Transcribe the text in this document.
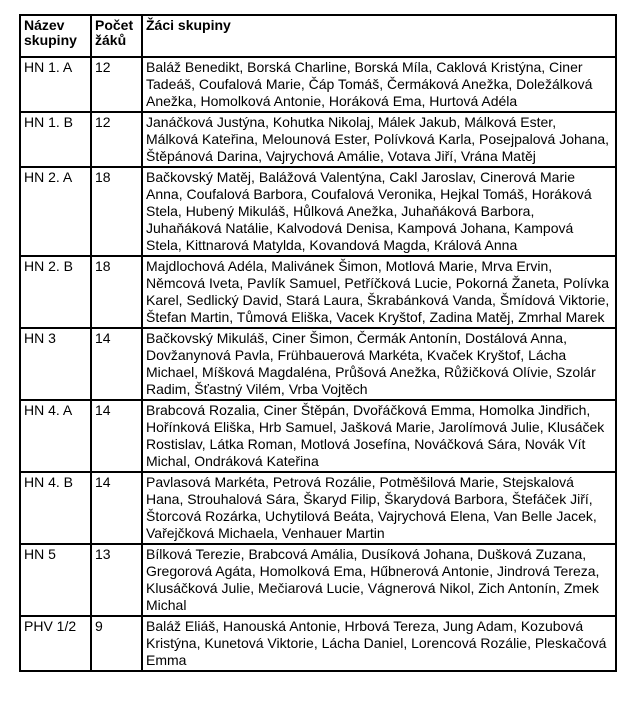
Název skupiny	Počet žáků	Žáci skupiny
HN 1. A	12	Baláž Benedikt, Borská Charline, Borská Míla, Caklová Kristýna, Ciner Tadeáš, Coufalová Marie, Čáp Tomáš, Čermáková Anežka, Doležálková Anežka, Homolková Antonie, Horáková Ema, Hurtová Adéla
HN 1. B	12	Janáčková Justýna, Kohutka Nikolaj, Málek Jakub, Málková Ester, Málková Kateřina, Melounová Ester, Polívková Karla, Posejpalová Johana, Štěpánová Darina, Vajrychová Amálie, Votava Jiří, Vrána Matěj
HN 2. A	18	Bačkovský Matěj, Balážová Valentýna, Cakl Jaroslav, Cinerová Marie Anna, Coufalová Barbora, Coufalová Veronika, Hejkal Tomáš, Horáková Stela, Hubený Mikuláš, Hůlková Anežka, Juhaňáková Barbora, Juhaňáková Natálie, Kalvodová Denisa, Kampová Johana, Kampová Stela, Kittnarová Matylda, Kovandová Magda, Králová Anna
HN 2. B	18	Majdlochová Adéla, Malivánek Šimon, Motlová Marie, Mrva Ervin, Němcová Iveta, Pavlík Samuel, Petříčková Lucie, Pokorná Žaneta, Polívka Karel, Sedlický David, Stará Laura, Škrabánková Vanda, Šmídová Viktorie, Štefan Martin, Tůmová Eliška, Vacek Kryštof, Zadina Matěj, Zmrhal Marek
HN 3	14	Bačkovský Mikuláš, Ciner Šimon, Čermák Antonín, Dostálová Anna, Dovžanynová Pavla, Frühbauerová Markéta, Kvaček Kryštof, Lácha Michael, Míšková Magdaléna, Průšová Anežka, Růžičková Olívie, Szolár Radim, Šťastný Vilém, Vrba Vojtěch
HN 4. A	14	Brabcová Rozalia, Ciner Štěpán, Dvořáčková Emma, Homolka Jindřich, Hořínková Eliška, Hrb Samuel, Jašková Marie, Jarolímová Julie, Klusáček Rostislav, Látka Roman, Motlová Josefína, Nováčková Sára, Novák Vít Michal, Ondráková Kateřina
HN 4. B	14	Pavlasová Markéta, Petrová Rozálie, Potměšilová Marie, Stejskalová Hana, Strouhalová Sára, Škaryd Filip, Škarydová Barbora, Štefáček Jiří, Štorcová Rozárka, Uchytilová Beáta, Vajrychová Elena, Van Belle Jacek, Vařejčková Michaela, Venhauer Martin
HN 5	13	Bílková Terezie, Brabcová Amália, Dusíková Johana, Dušková Zuzana, Gregorová Agáta, Homolková Ema, Hűbnerová Antonie, Jindrová Tereza, Klusáčková Julie, Mečiarová Lucie, Vágnerová Nikol, Zich Antonín, Zmek Michal
PHV 1/2	9	Baláž Eliáš, Hanouská Antonie, Hrbová Tereza, Jung Adam, Kozubová Kristýna, Kunetová Viktorie, Lácha Daniel, Lorencová Rozálie, Pleskačová Emma
